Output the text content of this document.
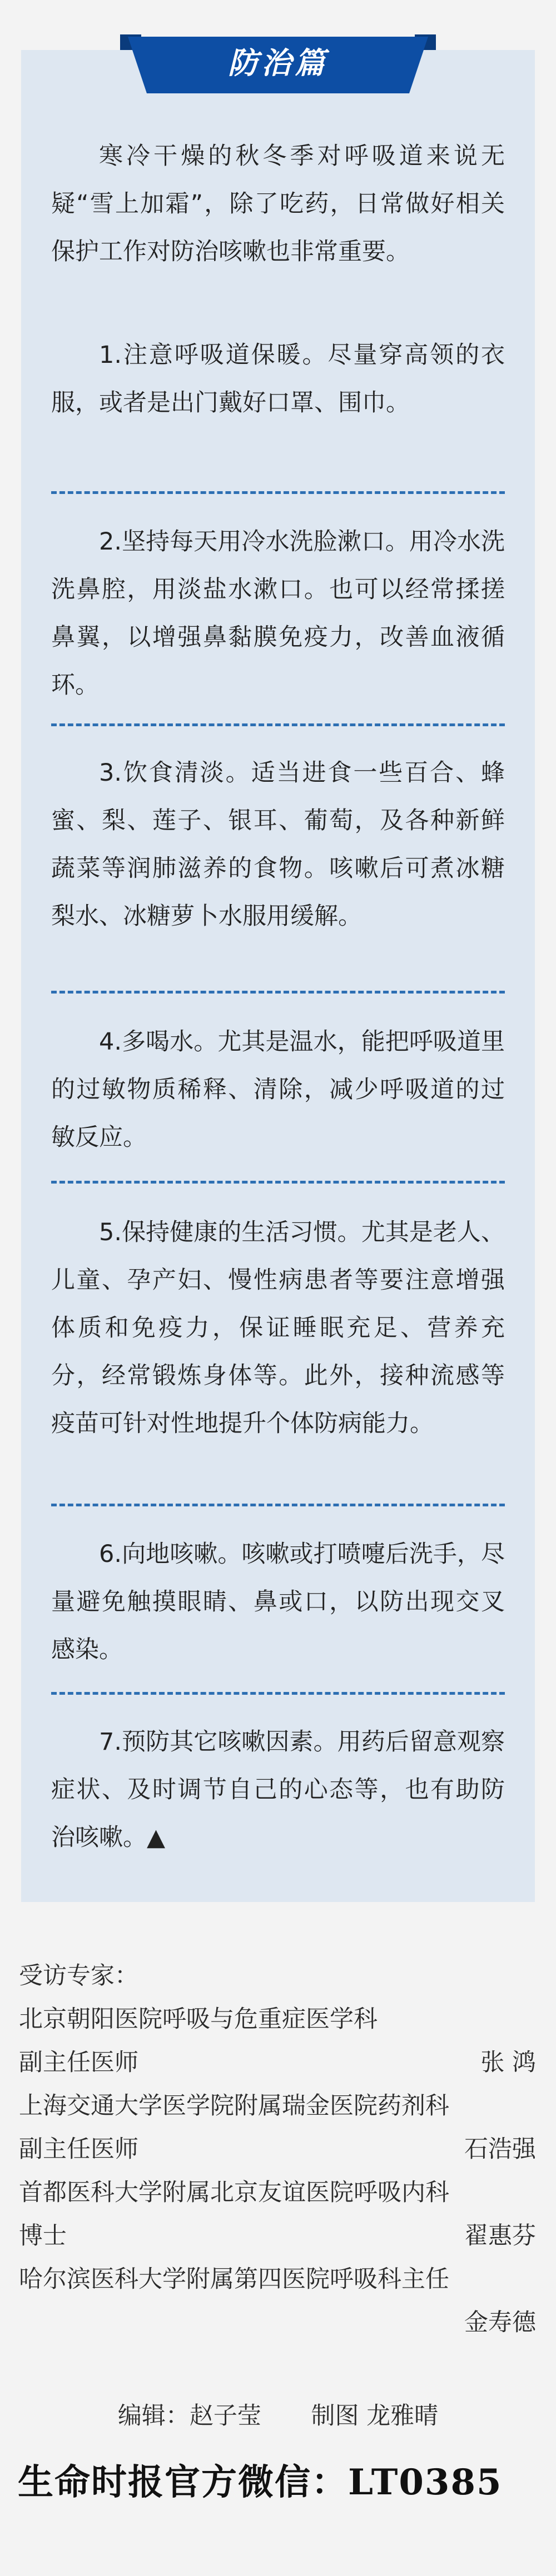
防治篇

寒冷干燥的秋冬季对呼吸道来说无疑“雪上加霜”，除了吃药，日常做好相关保护工作对防治咳嗽也非常重要。

1.注意呼吸道保暖。尽量穿高领的衣服，或者是出门戴好口罩、围巾。

2.坚持每天用冷水洗脸漱口。用冷水洗洗鼻腔，用淡盐水漱口。也可以经常揉搓鼻翼，以增强鼻黏膜免疫力，改善血液循环。

3.饮食清淡。适当进食一些百合、蜂蜜、梨、莲子、银耳、葡萄，及各种新鲜蔬菜等润肺滋养的食物。咳嗽后可煮冰糖梨水、冰糖萝卜水服用缓解。

4.多喝水。尤其是温水，能把呼吸道里的过敏物质稀释、清除，减少呼吸道的过敏反应。

5.保持健康的生活习惯。尤其是老人、儿童、孕产妇、慢性病患者等要注意增强体质和免疫力，保证睡眠充足、营养充分，经常锻炼身体等。此外，接种流感等疫苗可针对性地提升个体防病能力。

6.向地咳嗽。咳嗽或打喷嚏后洗手，尽量避免触摸眼睛、鼻或口，以防出现交叉感染。

7.预防其它咳嗽因素。用药后留意观察症状、及时调节自己的心态等，也有助防治咳嗽。▲

受访专家：
北京朝阳医院呼吸与危重症医学科
副主任医师	张 鸿
上海交通大学医学院附属瑞金医院药剂科
副主任医师	石浩强
首都医科大学附属北京友谊医院呼吸内科
博士	翟惠芬
哈尔滨医科大学附属第四医院呼吸科主任
金寿德
编辑：赵子莹 制图 龙雅晴
生命时报官方微信：LT0385
